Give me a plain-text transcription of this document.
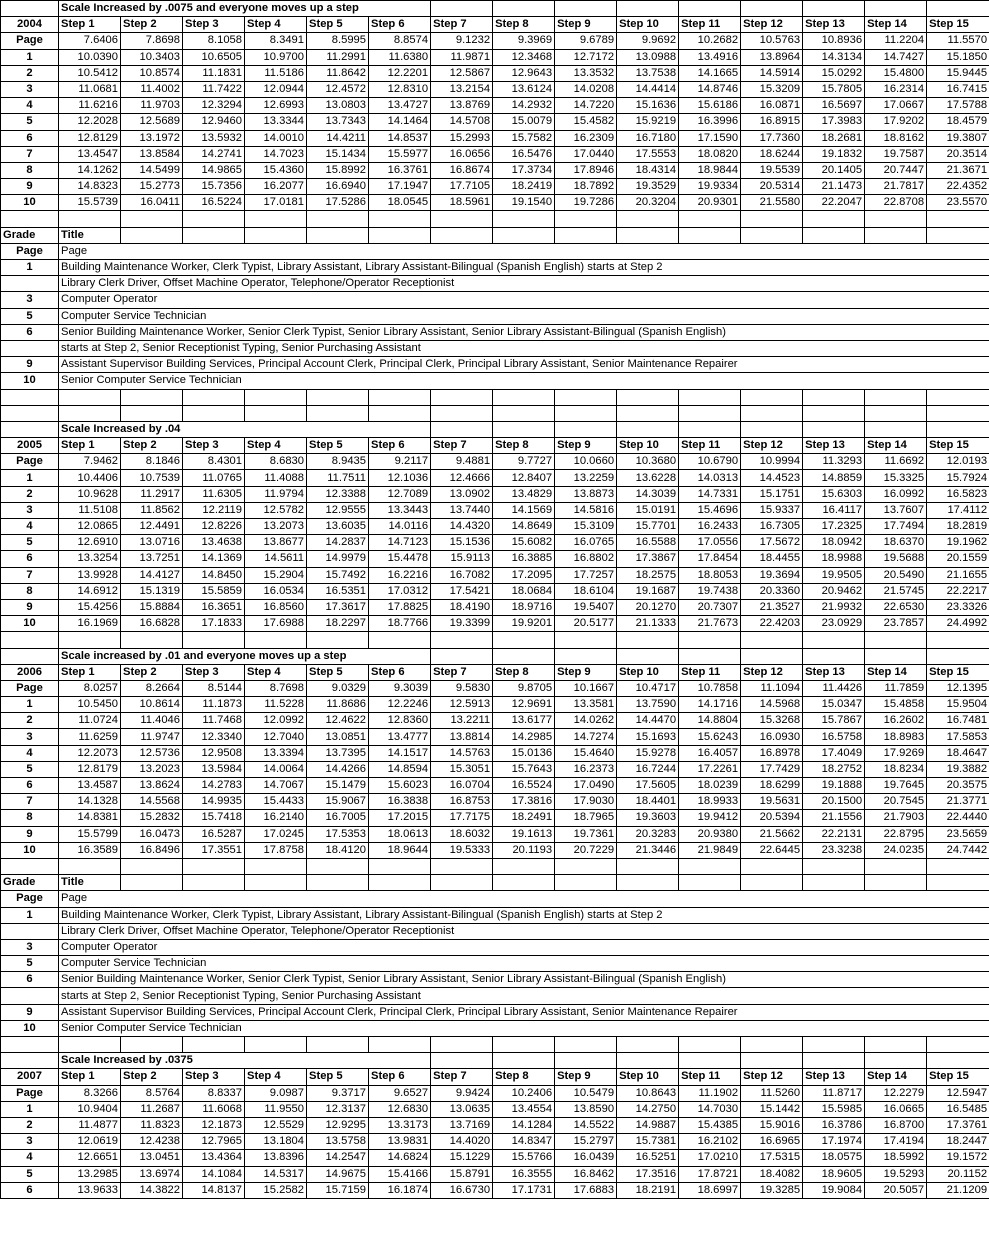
	Scale Increased by .0075 and everyone moves up a step														
2004	Step 1	Step 2	Step 3	Step 4	Step 5	Step 6	Step 7	Step 8	Step 9	Step 10	Step 11	Step 12	Step 13	Step 14	Step 15
Page	7.6406	7.8698	8.1058	8.3491	8.5995	8.8574	9.1232	9.3969	9.6789	9.9692	10.2682	10.5763	10.8936	11.2204	11.5570
1	10.0390	10.3403	10.6505	10.9700	11.2991	11.6380	11.9871	12.3468	12.7172	13.0988	13.4916	13.8964	14.3134	14.7427	15.1850
2	10.5412	10.8574	11.1831	11.5186	11.8642	12.2201	12.5867	12.9643	13.3532	13.7538	14.1665	14.5914	15.0292	15.4800	15.9445
3	11.0681	11.4002	11.7422	12.0944	12.4572	12.8310	13.2154	13.6124	14.0208	14.4414	14.8746	15.3209	15.7805	16.2314	16.7415
4	11.6216	11.9703	12.3294	12.6993	13.0803	13.4727	13.8769	14.2932	14.7220	15.1636	15.6186	16.0871	16.5697	17.0667	17.5788
5	12.2028	12.5689	12.9460	13.3344	13.7343	14.1464	14.5708	15.0079	15.4582	15.9219	16.3996	16.8915	17.3983	17.9202	18.4579
6	12.8129	13.1972	13.5932	14.0010	14.4211	14.8537	15.2993	15.7582	16.2309	16.7180	17.1590	17.7360	18.2681	18.8162	19.3807
7	13.4547	13.8584	14.2741	14.7023	15.1434	15.5977	16.0656	16.5476	17.0440	17.5553	18.0820	18.6244	19.1832	19.7587	20.3514
8	14.1262	14.5499	14.9865	15.4360	15.8992	16.3761	16.8674	17.3734	17.8946	18.4314	18.9844	19.5539	20.1405	20.7447	21.3671
9	14.8323	15.2773	15.7356	16.2077	16.6940	17.1947	17.7105	18.2419	18.7892	19.3529	19.9334	20.5314	21.1473	21.7817	22.4352
10	15.5739	16.0411	16.5224	17.0181	17.5286	18.0545	18.5961	19.1540	19.7286	20.3204	20.9301	21.5580	22.2047	22.8708	23.5570

Grade	Title														
Page	Page														
1	Building Maintenance Worker, Clerk Typist, Library Assistant, Library Assistant-Bilingual (Spanish English) starts at Step 2														
	Library Clerk Driver, Offset Machine Operator, Telephone/Operator Receptionist														
3	Computer Operator														
5	Computer Service Technician														
6	Senior Building Maintenance Worker, Senior Clerk Typist, Senior Library Assistant, Senior Library Assistant-Bilingual (Spanish English)														
	starts at Step 2, Senior Receptionist Typing, Senior Purchasing Assistant														
9	Assistant Supervisor Building Services, Principal Account Clerk, Principal Clerk, Principal Library Assistant, Senior Maintenance Repairer														
10	Senior Computer Service Technician														

	Scale Increased by .04														
2005	Step 1	Step 2	Step 3	Step 4	Step 5	Step 6	Step 7	Step 8	Step 9	Step 10	Step 11	Step 12	Step 13	Step 14	Step 15
Page	7.9462	8.1846	8.4301	8.6830	8.9435	9.2117	9.4881	9.7727	10.0660	10.3680	10.6790	10.9994	11.3293	11.6692	12.0193
1	10.4406	10.7539	11.0765	11.4088	11.7511	12.1036	12.4666	12.8407	13.2259	13.6228	14.0313	14.4523	14.8859	15.3325	15.7924
2	10.9628	11.2917	11.6305	11.9794	12.3388	12.7089	13.0902	13.4829	13.8873	14.3039	14.7331	15.1751	15.6303	16.0992	16.5823
3	11.5108	11.8562	12.2119	12.5782	12.9555	13.3443	13.7440	14.1569	14.5816	15.0191	15.4696	15.9337	16.4117	13.7607	17.4112
4	12.0865	12.4491	12.8226	13.2073	13.6035	14.0116	14.4320	14.8649	15.3109	15.7701	16.2433	16.7305	17.2325	17.7494	18.2819
5	12.6910	13.0716	13.4638	13.8677	14.2837	14.7123	15.1536	15.6082	16.0765	16.5588	17.0556	17.5672	18.0942	18.6370	19.1962
6	13.3254	13.7251	14.1369	14.5611	14.9979	15.4478	15.9113	16.3885	16.8802	17.3867	17.8454	18.4455	18.9988	19.5688	20.1559
7	13.9928	14.4127	14.8450	15.2904	15.7492	16.2216	16.7082	17.2095	17.7257	18.2575	18.8053	19.3694	19.9505	20.5490	21.1655
8	14.6912	15.1319	15.5859	16.0534	16.5351	17.0312	17.5421	18.0684	18.6104	19.1687	19.7438	20.3360	20.9462	21.5745	22.2217
9	15.4256	15.8884	16.3651	16.8560	17.3617	17.8825	18.4190	18.9716	19.5407	20.1270	20.7307	21.3527	21.9932	22.6530	23.3326
10	16.1969	16.6828	17.1833	17.6988	18.2297	18.7766	19.3399	19.9201	20.5177	21.1333	21.7673	22.4203	23.0929	23.7857	24.4992

	Scale increased by .01 and everyone moves up a step														
2006	Step 1	Step 2	Step 3	Step 4	Step 5	Step 6	Step 7	Step 8	Step 9	Step 10	Step 11	Step 12	Step 13	Step 14	Step 15
Page	8.0257	8.2664	8.5144	8.7698	9.0329	9.3039	9.5830	9.8705	10.1667	10.4717	10.7858	11.1094	11.4426	11.7859	12.1395
1	10.5450	10.8614	11.1873	11.5228	11.8686	12.2246	12.5913	12.9691	13.3581	13.7590	14.1716	14.5968	15.0347	15.4858	15.9504
2	11.0724	11.4046	11.7468	12.0992	12.4622	12.8360	13.2211	13.6177	14.0262	14.4470	14.8804	15.3268	15.7867	16.2602	16.7481
3	11.6259	11.9747	12.3340	12.7040	13.0851	13.4777	13.8814	14.2985	14.7274	15.1693	15.6243	16.0930	16.5758	18.8983	17.5853
4	12.2073	12.5736	12.9508	13.3394	13.7395	14.1517	14.5763	15.0136	15.4640	15.9278	16.4057	16.8978	17.4049	17.9269	18.4647
5	12.8179	13.2023	13.5984	14.0064	14.4266	14.8594	15.3051	15.7643	16.2373	16.7244	17.2261	17.7429	18.2752	18.8234	19.3882
6	13.4587	13.8624	14.2783	14.7067	15.1479	15.6023	16.0704	16.5524	17.0490	17.5605	18.0239	18.6299	19.1888	19.7645	20.3575
7	14.1328	14.5568	14.9935	15.4433	15.9067	16.3838	16.8753	17.3816	17.9030	18.4401	18.9933	19.5631	20.1500	20.7545	21.3771
8	14.8381	15.2832	15.7418	16.2140	16.7005	17.2015	17.7175	18.2491	18.7965	19.3603	19.9412	20.5394	21.1556	21.7903	22.4440
9	15.5799	16.0473	16.5287	17.0245	17.5353	18.0613	18.6032	19.1613	19.7361	20.3283	20.9380	21.5662	22.2131	22.8795	23.5659
10	16.3589	16.8496	17.3551	17.8758	18.4120	18.9644	19.5333	20.1193	20.7229	21.3446	21.9849	22.6445	23.3238	24.0235	24.7442

Grade	Title														
Page	Page														
1	Building Maintenance Worker, Clerk Typist, Library Assistant, Library Assistant-Bilingual (Spanish English) starts at Step 2														
	Library Clerk Driver, Offset Machine Operator, Telephone/Operator Receptionist														
3	Computer Operator														
5	Computer Service Technician														
6	Senior Building Maintenance Worker, Senior Clerk Typist, Senior Library Assistant, Senior Library Assistant-Bilingual (Spanish English)														
	starts at Step 2, Senior Receptionist Typing, Senior Purchasing Assistant														
9	Assistant Supervisor Building Services, Principal Account Clerk, Principal Clerk, Principal Library Assistant, Senior Maintenance Repairer														
10	Senior Computer Service Technician														

	Scale Increased by .0375														
2007	Step 1	Step 2	Step 3	Step 4	Step 5	Step 6	Step 7	Step 8	Step 9	Step 10	Step 11	Step 12	Step 13	Step 14	Step 15
Page	8.3266	8.5764	8.8337	9.0987	9.3717	9.6527	9.9424	10.2406	10.5479	10.8643	11.1902	11.5260	11.8717	12.2279	12.5947
1	10.9404	11.2687	11.6068	11.9550	12.3137	12.6830	13.0635	13.4554	13.8590	14.2750	14.7030	15.1442	15.5985	16.0665	16.5485
2	11.4877	11.8323	12.1873	12.5529	12.9295	13.3173	13.7169	14.1284	14.5522	14.9887	15.4385	15.9016	16.3786	16.8700	17.3761
3	12.0619	12.4238	12.7965	13.1804	13.5758	13.9831	14.4020	14.8347	15.2797	15.7381	16.2102	16.6965	17.1974	17.4194	18.2447
4	12.6651	13.0451	13.4364	13.8396	14.2547	14.6824	15.1229	15.5766	16.0439	16.5251	17.0210	17.5315	18.0575	18.5992	19.1572
5	13.2985	13.6974	14.1084	14.5317	14.9675	15.4166	15.8791	16.3555	16.8462	17.3516	17.8721	18.4082	18.9605	19.5293	20.1152
6	13.9633	14.3822	14.8137	15.2582	15.7159	16.1874	16.6730	17.1731	17.6883	18.2191	18.6997	19.3285	19.9084	20.5057	21.1209
